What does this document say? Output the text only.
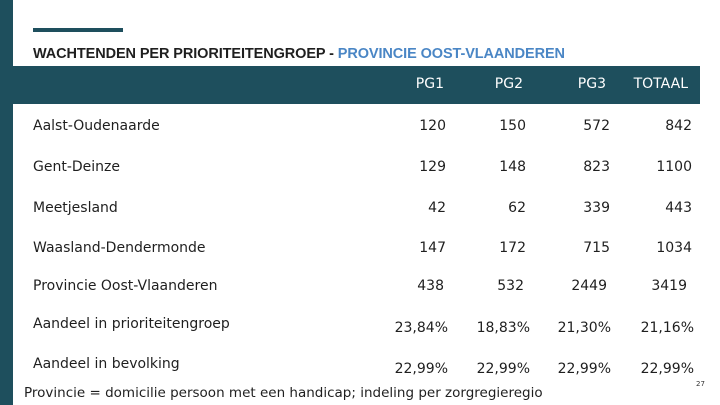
WACHTENDEN PER PRIORITEITENGROEP - PROVINCIE OOST-VLAANDEREN
PG1	PG2	PG3	TOTAAL
Aalst-Oudenaarde	120	150	572	842
Gent-Deinze	129	148	823	1100
Meetjesland	42	62	339	443
Waasland-Dendermonde	147	172	715	1034
Provincie Oost-Vlaanderen	438	532	2449	3419
Aandeel in prioriteitengroep	23,84%	18,83%	21,30%	21,16%
Aandeel in bevolking	22,99%	22,99%	22,99%	22,99%
Provincie = domicilie persoon met een handicap; indeling per zorgregieregio
27
